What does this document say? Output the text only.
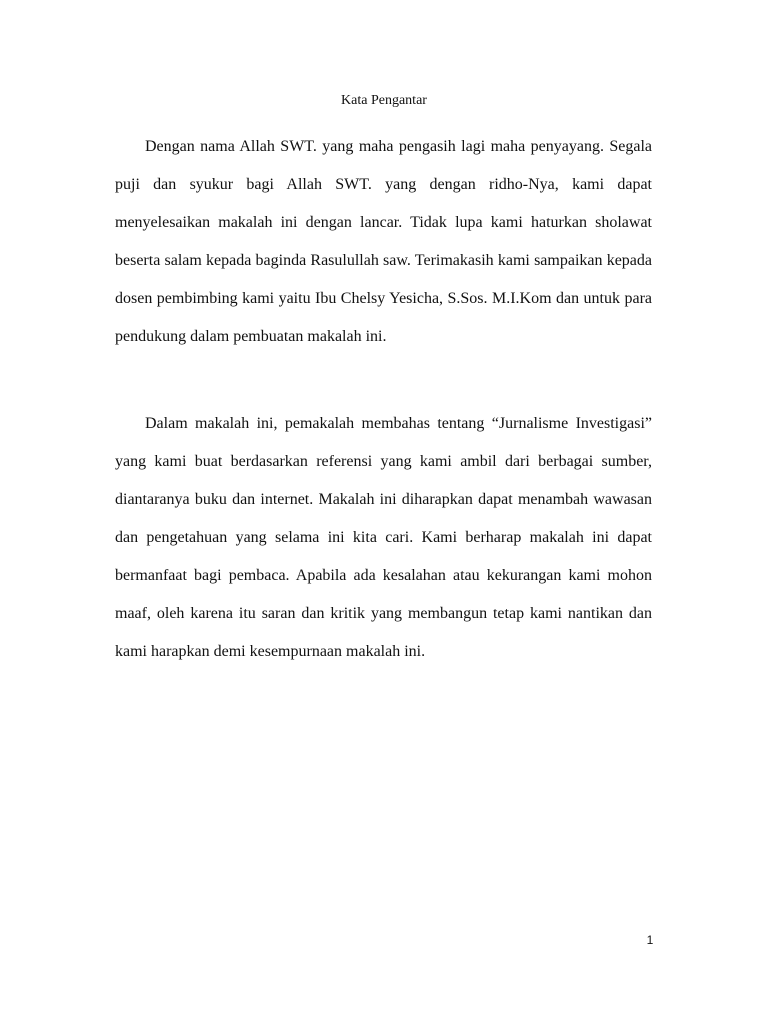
Kata Pengantar

Dengan nama Allah SWT. yang maha pengasih lagi maha penyayang. Segala puji dan syukur bagi Allah SWT. yang dengan ridho-Nya, kami dapat menyelesaikan makalah ini dengan lancar. Tidak lupa kami haturkan sholawat beserta salam kepada baginda Rasulullah saw. Terimakasih kami sampaikan kepada dosen pembimbing kami yaitu Ibu Chelsy Yesicha, S.Sos. M.I.Kom dan untuk para pendukung dalam pembuatan makalah ini.

Dalam makalah ini, pemakalah membahas tentang “Jurnalisme Investigasi” yang kami buat berdasarkan referensi yang kami ambil dari berbagai sumber, diantaranya buku dan internet. Makalah ini diharapkan dapat menambah wawasan dan pengetahuan yang selama ini kita cari. Kami berharap makalah ini dapat bermanfaat bagi pembaca. Apabila ada kesalahan atau kekurangan kami mohon maaf, oleh karena itu saran dan kritik yang membangun tetap kami nantikan dan kami harapkan demi kesempurnaan makalah ini.

1
